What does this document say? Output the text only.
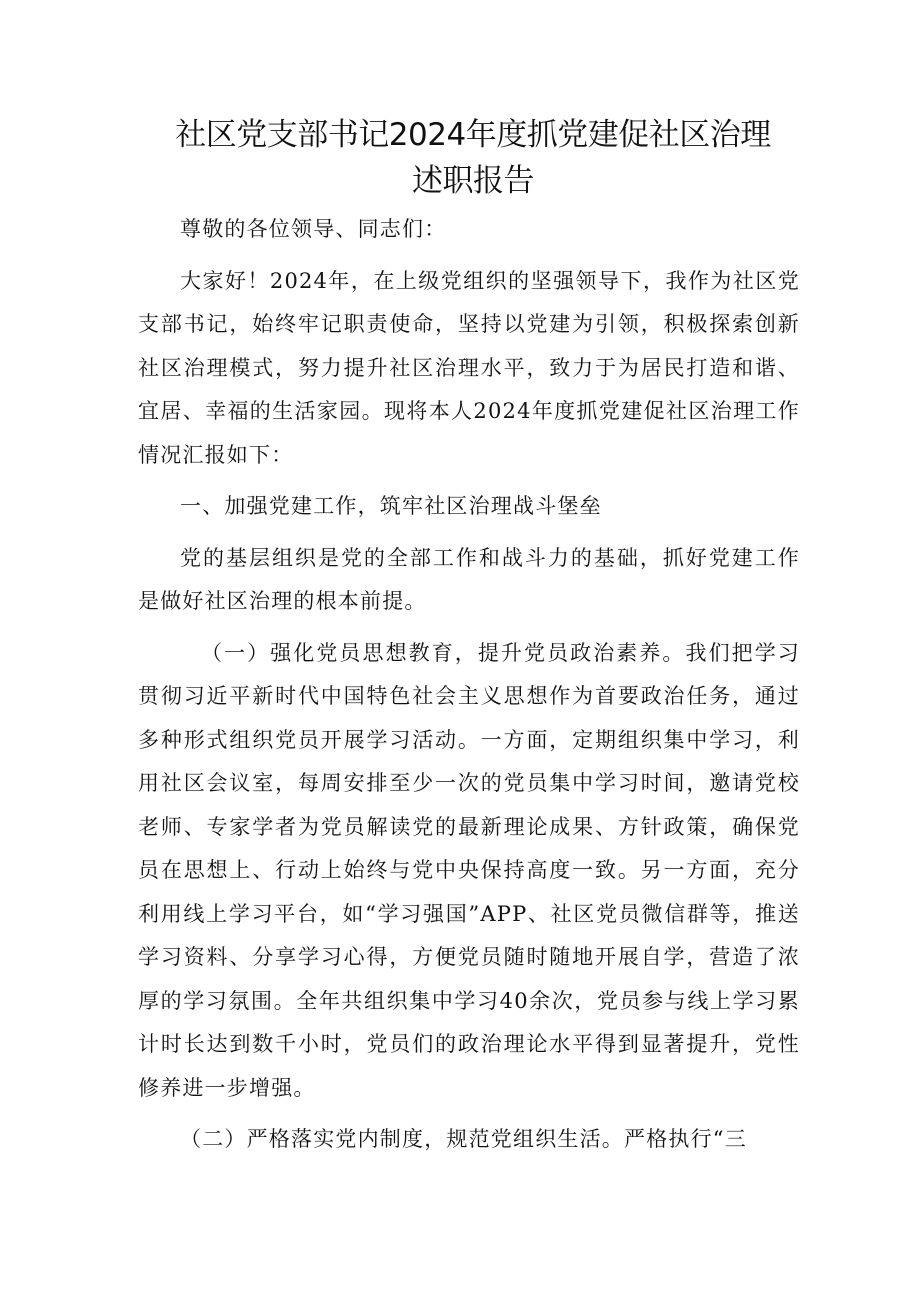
社区党支部书记2024年度抓党建促社区治理
述职报告

尊敬的各位领导、同志们：

大家好！2024年，在上级党组织的坚强领导下，我作为社区党支部书记，始终牢记职责使命，坚持以党建为引领，积极探索创新社区治理模式，努力提升社区治理水平，致力于为居民打造和谐、宜居、幸福的生活家园。现将本人2024年度抓党建促社区治理工作情况汇报如下：

一、加强党建工作，筑牢社区治理战斗堡垒

党的基层组织是党的全部工作和战斗力的基础，抓好党建工作是做好社区治理的根本前提。

（一）强化党员思想教育，提升党员政治素养。我们把学习贯彻习近平新时代中国特色社会主义思想作为首要政治任务，通过多种形式组织党员开展学习活动。一方面，定期组织集中学习，利用社区会议室，每周安排至少一次的党员集中学习时间，邀请党校老师、专家学者为党员解读党的最新理论成果、方针政策，确保党员在思想上、行动上始终与党中央保持高度一致。另一方面，充分利用线上学习平台，如“学习强国”APP、社区党员微信群等，推送学习资料、分享学习心得，方便党员随时随地开展自学，营造了浓厚的学习氛围。全年共组织集中学习40余次，党员参与线上学习累计时长达到数千小时，党员们的政治理论水平得到显著提升，党性修养进一步增强。

（二）严格落实党内制度，规范党组织生活。严格执行“三
